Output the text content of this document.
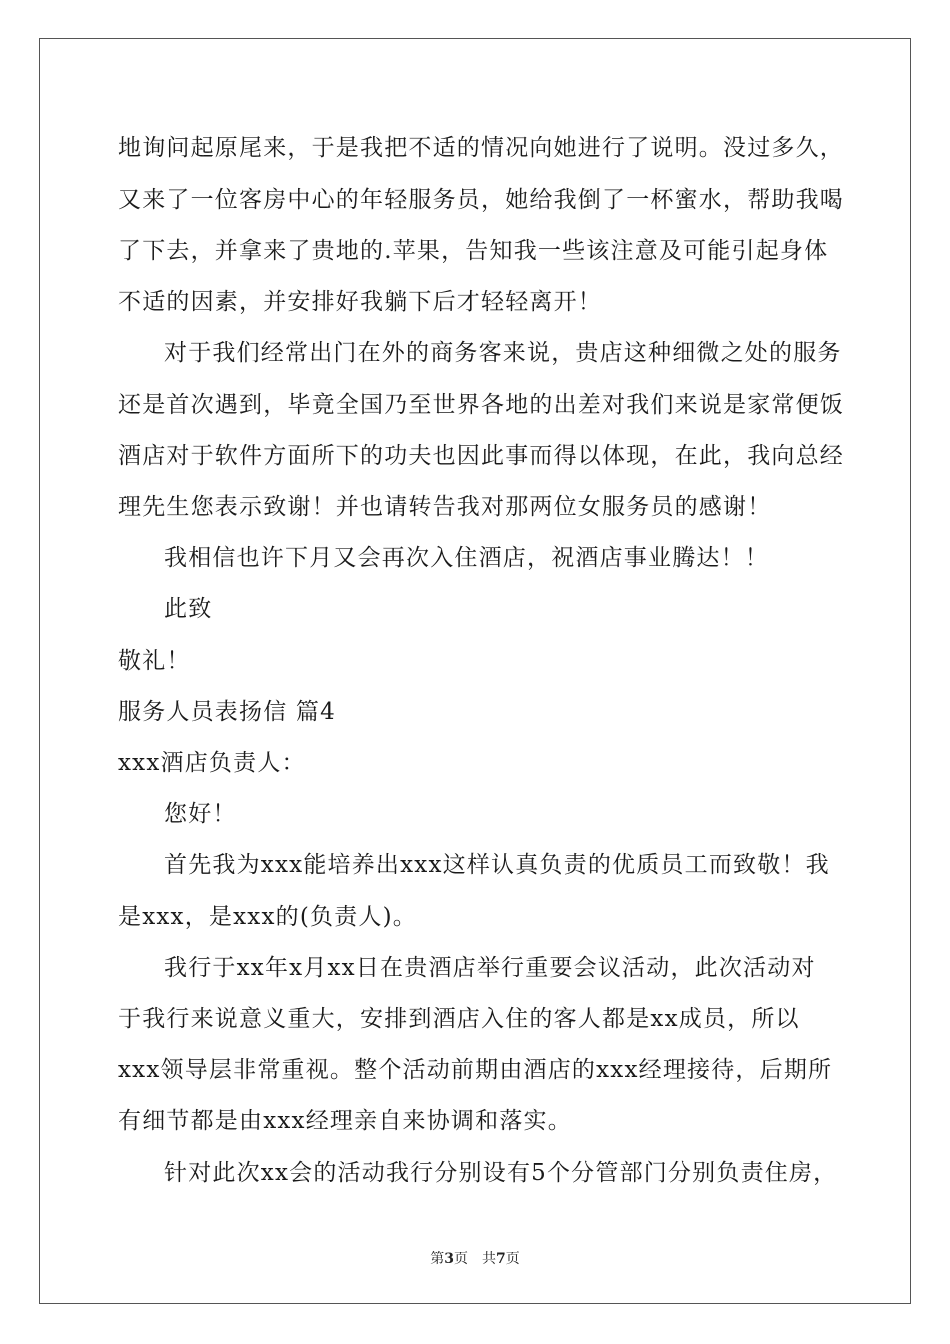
地询问起原尾来，于是我把不适的情况向她进行了说明。没过多久，
又来了一位客房中心的年轻服务员，她给我倒了一杯蜜水，帮助我喝
了下去，并拿来了贵地的.苹果，告知我一些该注意及可能引起身体
不适的因素，并安排好我躺下后才轻轻离开！
对于我们经常出门在外的商务客来说，贵店这种细微之处的服务
还是首次遇到，毕竟全国乃至世界各地的出差对我们来说是家常便饭
酒店对于软件方面所下的功夫也因此事而得以体现，在此，我向总经
理先生您表示致谢！并也请转告我对那两位女服务员的感谢！
我相信也许下月又会再次入住酒店，祝酒店事业腾达！！
此致
敬礼！
服务人员表扬信 篇4
xxx酒店负责人：
您好！
首先我为xxx能培养出xxx这样认真负责的优质员工而致敬！我
是xxx，是xxx的(负责人)。
我行于xx年x月xx日在贵酒店举行重要会议活动，此次活动对
于我行来说意义重大，安排到酒店入住的客人都是xx成员，所以
xxx领导层非常重视。整个活动前期由酒店的xxx经理接待，后期所
有细节都是由xxx经理亲自来协调和落实。
针对此次xx会的活动我行分别设有5个分管部门分别负责住房，
第3页　共7页
